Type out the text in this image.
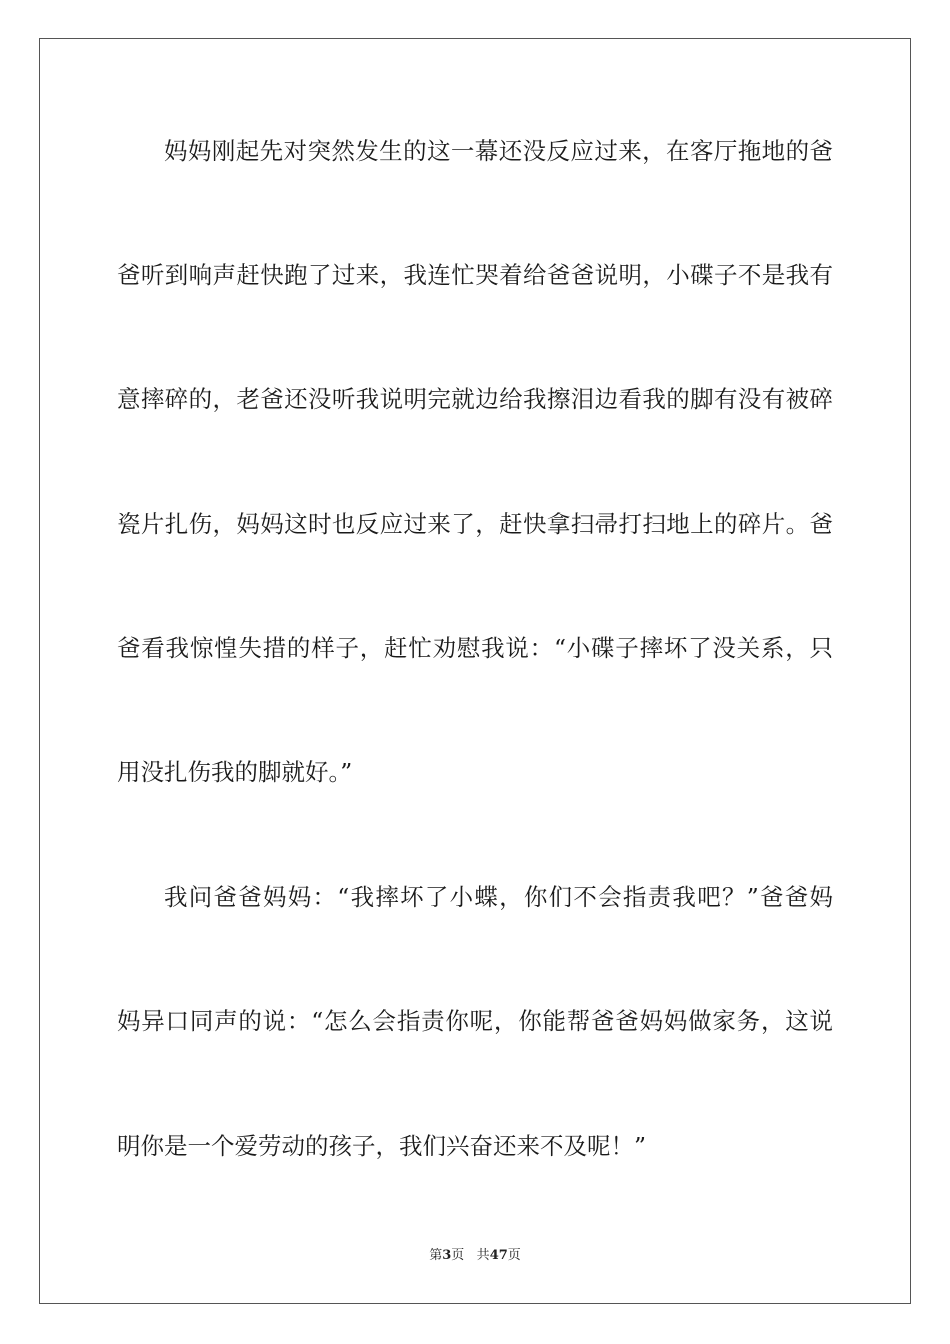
妈妈刚起先对突然发生的这一幕还没反应过来，在客厅拖地的爸
爸听到响声赶快跑了过来，我连忙哭着给爸爸说明，小碟子不是我有
意摔碎的，老爸还没听我说明完就边给我擦泪边看我的脚有没有被碎
瓷片扎伤，妈妈这时也反应过来了，赶快拿扫帚打扫地上的碎片。爸
爸看我惊惶失措的样子，赶忙劝慰我说：“小碟子摔坏了没关系，只
用没扎伤我的脚就好。”
我问爸爸妈妈：“我摔坏了小蝶，你们不会指责我吧？”爸爸妈
妈异口同声的说：“怎么会指责你呢，你能帮爸爸妈妈做家务，这说
明你是一个爱劳动的孩子，我们兴奋还来不及呢！”
第3页 共47页
